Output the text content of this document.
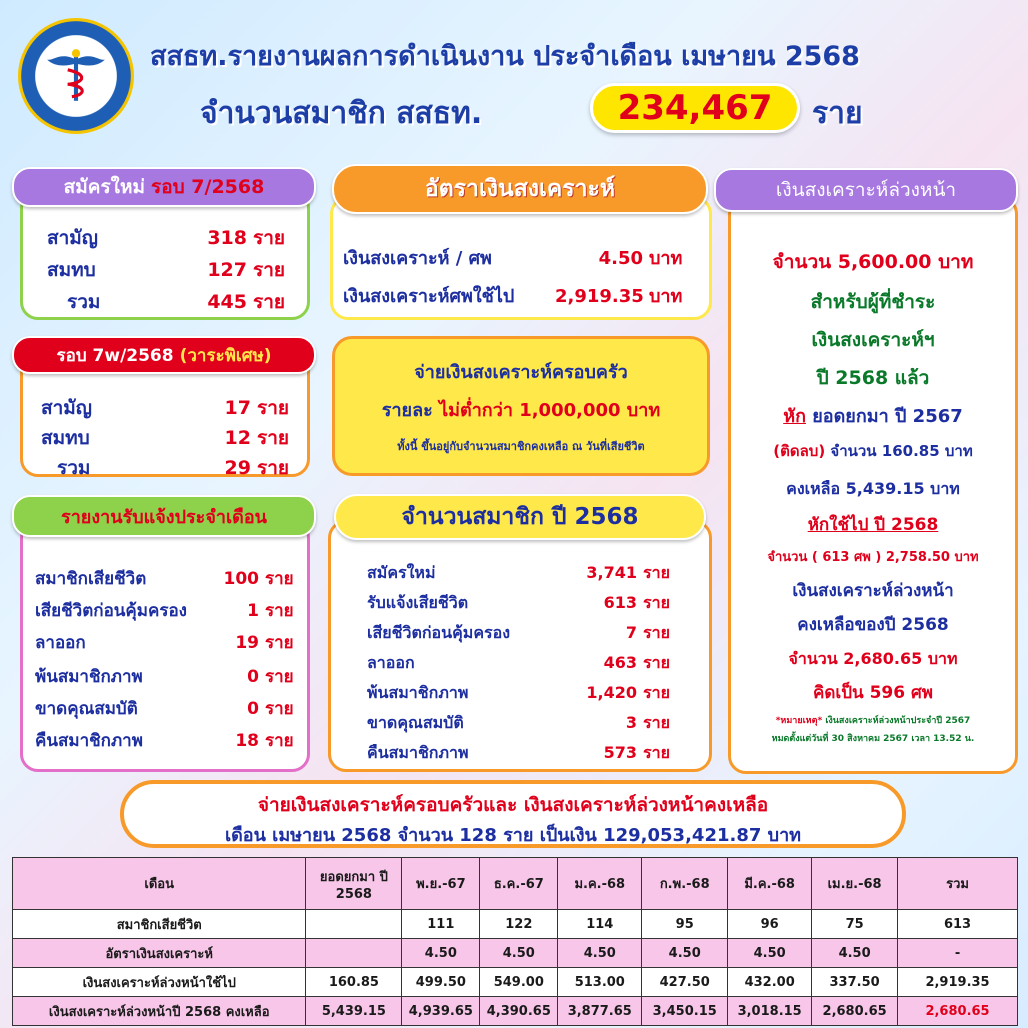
สสธท.รายงานผลการดำเนินงาน ประจำเดือน เมษายน 2568
จำนวนสมาชิก สสธท.	234,467	ราย
สามัญ	318 ราย
สมทบ	127 ราย
รวม	445 ราย
สมัครใหม่ รอบ 7/2568
สามัญ	17 ราย
สมทบ	12 ราย
รวม	29 ราย
รอบ 7w/2568 (วาระพิเศษ)
สมาชิกเสียชีวิต	100 ราย
เสียชีวิตก่อนคุ้มครอง	1 ราย
ลาออก	19 ราย
พ้นสมาชิกภาพ	0 ราย
ขาดคุณสมบัติ	0 ราย
คืนสมาชิกภาพ	18 ราย
รายงานรับแจ้งประจำเดือน
เงินสงเคราะห์ / ศพ	4.50 บาท
เงินสงเคราะห์ศพใช้ไป	2,919.35 บาท
อัตราเงินสงเคราะห์
จ่ายเงินสงเคราะห์ครอบครัว
รายละ ไม่ต่ำกว่า 1,000,000 บาท
ทั้งนี้ ขึ้นอยู่กับจำนวนสมาชิกคงเหลือ ณ วันที่เสียชีวิต
สมัครใหม่	3,741 ราย
รับแจ้งเสียชีวิต	613 ราย
เสียชีวิตก่อนคุ้มครอง	7 ราย
ลาออก	463 ราย
พ้นสมาชิกภาพ	1,420 ราย
ขาดคุณสมบัติ	3 ราย
คืนสมาชิกภาพ	573 ราย
จำนวนสมาชิก ปี 2568
จำนวน 5,600.00 บาท
สำหรับผู้ที่ชำระ
เงินสงเคราะห์ฯ
ปี 2568 แล้ว
หัก ยอดยกมา ปี 2567
(ติดลบ) จำนวน 160.85 บาท
คงเหลือ 5,439.15 บาท
หักใช้ไป ปี 2568
จำนวน ( 613 ศพ ) 2,758.50 บาท
เงินสงเคราะห์ล่วงหน้า
คงเหลือของปี 2568
จำนวน 2,680.65 บาท
คิดเป็น 596 ศพ
*หมายเหตุ* เงินสงเคราะห์ล่วงหน้าประจำปี 2567
หมดตั้งแต่วันที่ 30 สิงหาคม 2567 เวลา 13.52 น.
เงินสงเคราะห์ล่วงหน้า
จ่ายเงินสงเคราะห์ครอบครัวและ เงินสงเคราะห์ล่วงหน้าคงเหลือ
เดือน เมษายน 2568 จำนวน 128 ราย เป็นเงิน 129,053,421.87 บาท
เดือน	ยอดยกมา ปี 2568	พ.ย.-67	ธ.ค.-67	ม.ค.-68	ก.พ.-68	มี.ค.-68	เม.ย.-68	รวม
สมาชิกเสียชีวิต		111	122	114	95	96	75	613
อัตราเงินสงเคราะห์		4.50	4.50	4.50	4.50	4.50	4.50	-
เงินสงเคราะห์ล่วงหน้าใช้ไป	160.85	499.50	549.00	513.00	427.50	432.00	337.50	2,919.35
เงินสงเคราะห์ล่วงหน้าปี 2568 คงเหลือ	5,439.15	4,939.65	4,390.65	3,877.65	3,450.15	3,018.15	2,680.65	2,680.65
